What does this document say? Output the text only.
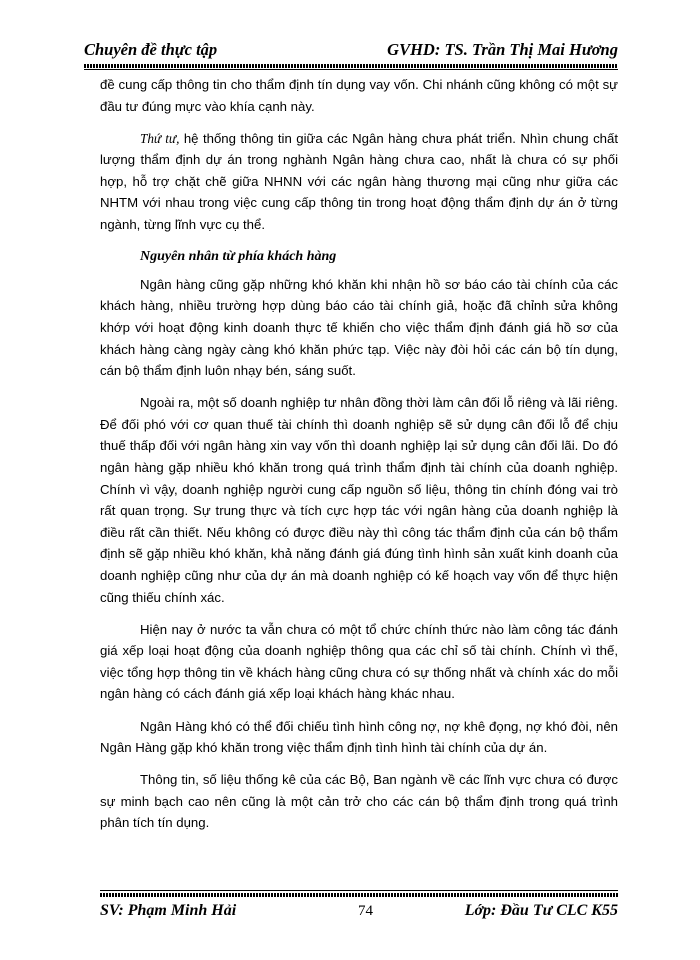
Chuyên đề thực tập	GVHD: TS. Trần Thị Mai Hương

đề cung cấp thông tin cho thẩm định tín dụng vay vốn. Chi nhánh cũng không có một sự đầu tư đúng mực vào khía cạnh này.

Thứ tư, hệ thống thông tin giữa các Ngân hàng chưa phát triển. Nhìn chung chất lượng thẩm định dự án trong nghành Ngân hàng chưa cao, nhất là chưa có sự phối hợp, hỗ trợ chặt chẽ giữa NHNN với các ngân hàng thương mại cũng như giữa các NHTM với nhau trong việc cung cấp thông tin trong hoạt động thẩm định dự án ở từng ngành, từng lĩnh vực cụ thể.

Nguyên nhân từ phía khách hàng

Ngân hàng cũng gặp những khó khăn khi nhận hồ sơ báo cáo tài chính của các khách hàng, nhiều trường hợp dùng báo cáo tài chính giả, hoặc đã chỉnh sửa không khớp với hoạt động kinh doanh thực tế khiến cho việc thẩm định đánh giá hồ sơ của khách hàng càng ngày càng khó khăn phức tạp. Việc này đòi hỏi các cán bộ tín dụng, cán bộ thẩm định luôn nhạy bén, sáng suốt.

Ngoài ra, một số doanh nghiệp tư nhân đồng thời làm cân đối lỗ riêng và lãi riêng. Để đối phó với cơ quan thuế tài chính thì doanh nghiệp sẽ sử dụng cân đối lỗ để chịu thuế thấp đối với ngân hàng xin vay vốn thì doanh nghiệp lại sử dụng cân đối lãi. Do đó ngân hàng gặp nhiều khó khăn trong quá trình thẩm định tài chính của doanh nghiệp. Chính vì vậy, doanh nghiệp người cung cấp nguồn số liệu, thông tin chính đóng vai trò rất quan trọng. Sự trung thực và tích cực hợp tác với ngân hàng của doanh nghiệp là điều rất cần thiết. Nếu không có được điều này thì công tác thẩm định của cán bộ thẩm định sẽ gặp nhiều khó khăn, khả năng đánh giá đúng tình hình sản xuất kinh doanh của doanh nghiệp cũng như của dự án mà doanh nghiệp có kế hoạch vay vốn để thực hiện cũng thiếu chính xác.

Hiện nay ở nước ta vẫn chưa có một tổ chức chính thức nào làm công tác đánh giá xếp loại hoạt động của doanh nghiệp thông qua các chỉ số tài chính. Chính vì thế, việc tổng hợp thông tin về khách hàng cũng chưa có sự thống nhất và chính xác do mỗi ngân hàng có cách đánh giá xếp loại khách hàng khác nhau.

Ngân Hàng khó có thể đối chiếu tình hình công nợ, nợ khê đọng, nợ khó đòi, nên Ngân Hàng gặp khó khăn trong việc thẩm định tình hình tài chính của dự án.

Thông tin, số liệu thống kê của các Bộ, Ban ngành về các lĩnh vực chưa có được sự minh bạch cao nên cũng là một cản trở cho các cán bộ thẩm định trong quá trình phân tích tín dụng.

SV: Phạm Minh Hải	74	Lớp: Đầu Tư CLC K55
